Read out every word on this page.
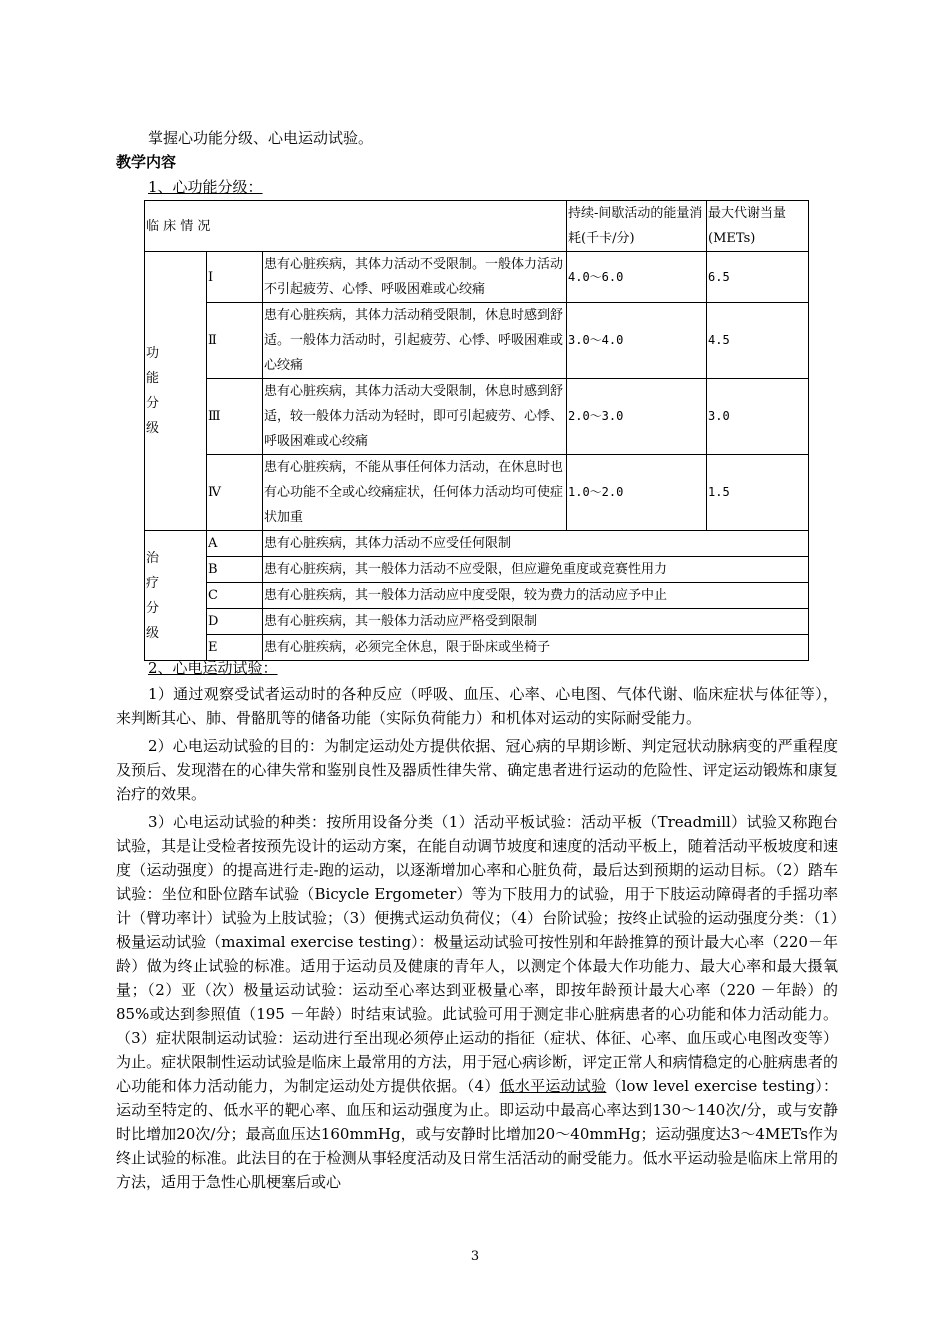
掌握心功能分级、心电运动试验。
教学内容
1、心功能分级：
临 床 情 况			持续-间歇活动的能量消耗(千卡/分)	最大代谢当量(METs)

功
能
分
级	Ⅰ	患有心脏疾病，其体力活动不受限制。一般体力活动不引起疲劳、心悸、呼吸困难或心绞痛	4.0～6.0	6.5
	Ⅱ	患有心脏疾病，其体力活动稍受限制，休息时感到舒适。一般体力活动时，引起疲劳、心悸、呼吸困难或心绞痛	3.0～4.0	4.5
	Ⅲ	患有心脏疾病，其体力活动大受限制，休息时感到舒适，较一般体力活动为轻时，即可引起疲劳、心悸、呼吸困难或心绞痛	2.0～3.0	3.0
	Ⅳ	患有心脏疾病，不能从事任何体力活动，在休息时也有心功能不全或心绞痛症状，任何体力活动均可使症状加重	1.0～2.0	1.5

治
疗
分
级	A	患有心脏疾病，其体力活动不应受任何限制		
	B	患有心脏疾病，其一般体力活动不应受限，但应避免重度或竞赛性用力		
	C	患有心脏疾病，其一般体力活动应中度受限，较为费力的活动应予中止		
	D	患有心脏疾病，其一般体力活动应严格受到限制		
	E	患有心脏疾病，必须完全休息，限于卧床或坐椅子		
2、心电运动试验：

1）通过观察受试者运动时的各种反应（呼吸、血压、心率、心电图、气体代谢、临床症状与体征等），来判断其心、肺、骨骼肌等的储备功能（实际负荷能力）和机体对运动的实际耐受能力。

2）心电运动试验的目的：为制定运动处方提供依据、冠心病的早期诊断、判定冠状动脉病变的严重程度及预后、发现潜在的心律失常和鉴别良性及器质性律失常、确定患者进行运动的危险性、评定运动锻炼和康复治疗的效果。

3）心电运动试验的种类：按所用设备分类（1）活动平板试验：活动平板（Treadmill）试验又称跑台试验，其是让受检者按预先设计的运动方案，在能自动调节坡度和速度的活动平板上，随着活动平板坡度和速度（运动强度）的提高进行走-跑的运动，以逐渐增加心率和心脏负荷，最后达到预期的运动目标。（2）踏车试验：坐位和卧位踏车试验（Bicycle Ergometer）等为下肢用力的试验，用于下肢运动障碍者的手摇功率计（臂功率计）试验为上肢试验；（3）便携式运动负荷仪；（4）台阶试验；按终止试验的运动强度分类：（1）极量运动试验（maximal exercise testing）：极量运动试验可按性别和年龄推算的预计最大心率（220－年龄）做为终止试验的标准。适用于运动员及健康的青年人，以测定个体最大作功能力、最大心率和最大摄氧量；（2）亚（次）极量运动试验：运动至心率达到亚极量心率，即按年龄预计最大心率（220 －年龄）的85%或达到参照值（195 －年龄）时结束试验。此试验可用于测定非心脏病患者的心功能和体力活动能力。（3）症状限制运动试验：运动进行至出现必须停止运动的指征（症状、体征、心率、血压或心电图改变等）为止。症状限制性运动试验是临床上最常用的方法，用于冠心病诊断，评定正常人和病情稳定的心脏病患者的心功能和体力活动能力，为制定运动处方提供依据。（4）低水平运动试验（low level exercise testing）：运动至特定的、低水平的靶心率、血压和运动强度为止。即运动中最高心率达到130～140次/分，或与安静时比增加20次/分；最高血压达160mmHg，或与安静时比增加20～40mmHg；运动强度达3～4METs作为终止试验的标准。此法目的在于检测从事轻度活动及日常生活活动的耐受能力。低水平运动验是临床上常用的方法，适用于急性心肌梗塞后或心

3
